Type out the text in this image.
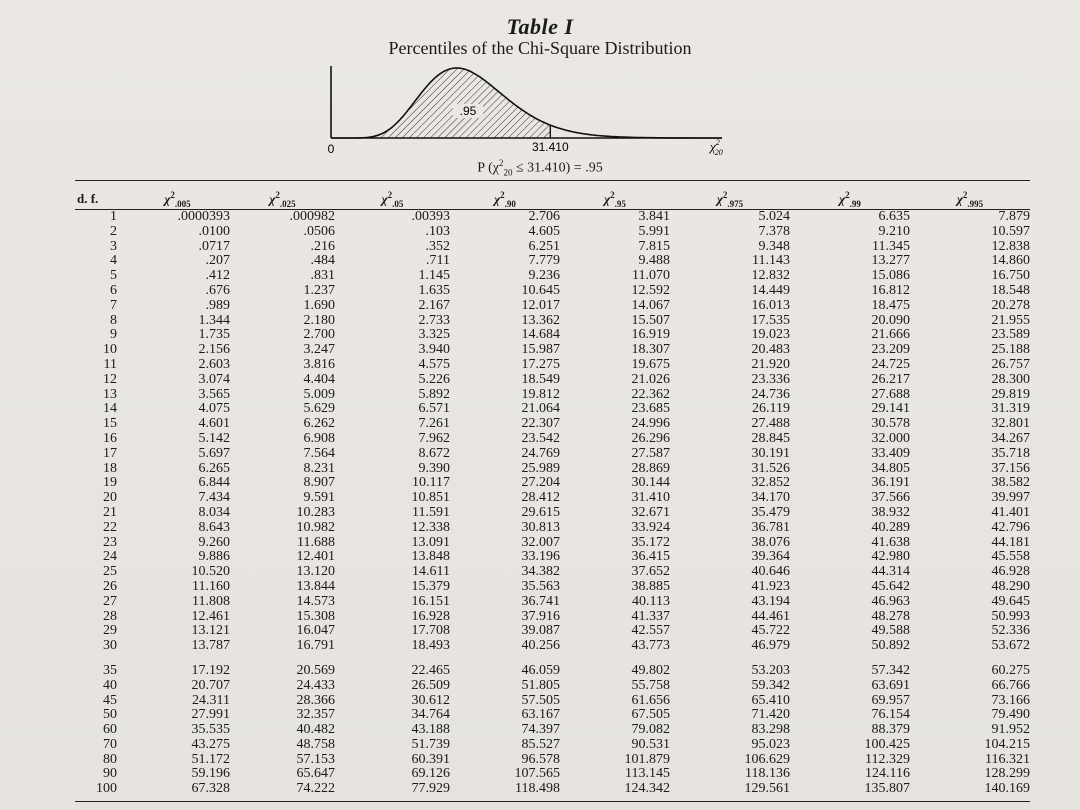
Table I
Percentiles of the Chi-Square Distribution
.95
0	31.410	$\chi^2$ 20
P $(\chi^2_{20} \le 31.410) = .95$
d. f.	$\chi^2_{.005}$	$\chi^2_{.025}$	$\chi^2_{.05}$	$\chi^2_{.90}$	$\chi^2_{.95}$	$\chi^2_{.975}$	$\chi^2_{.99}$	$\chi^2_{.995}$
1	.0000393	.000982	.00393	2.706	3.841	5.024	6.635	7.879
2	.0100	.0506	.103	4.605	5.991	7.378	9.210	10.597
3	.0717	.216	.352	6.251	7.815	9.348	11.345	12.838
4	.207	.484	.711	7.779	9.488	11.143	13.277	14.860
5	.412	.831	1.145	9.236	11.070	12.832	15.086	16.750
6	.676	1.237	1.635	10.645	12.592	14.449	16.812	18.548
7	.989	1.690	2.167	12.017	14.067	16.013	18.475	20.278
8	1.344	2.180	2.733	13.362	15.507	17.535	20.090	21.955
9	1.735	2.700	3.325	14.684	16.919	19.023	21.666	23.589
10	2.156	3.247	3.940	15.987	18.307	20.483	23.209	25.188
11	2.603	3.816	4.575	17.275	19.675	21.920	24.725	26.757
12	3.074	4.404	5.226	18.549	21.026	23.336	26.217	28.300
13	3.565	5.009	5.892	19.812	22.362	24.736	27.688	29.819
14	4.075	5.629	6.571	21.064	23.685	26.119	29.141	31.319
15	4.601	6.262	7.261	22.307	24.996	27.488	30.578	32.801
16	5.142	6.908	7.962	23.542	26.296	28.845	32.000	34.267
17	5.697	7.564	8.672	24.769	27.587	30.191	33.409	35.718
18	6.265	8.231	9.390	25.989	28.869	31.526	34.805	37.156
19	6.844	8.907	10.117	27.204	30.144	32.852	36.191	38.582
20	7.434	9.591	10.851	28.412	31.410	34.170	37.566	39.997
21	8.034	10.283	11.591	29.615	32.671	35.479	38.932	41.401
22	8.643	10.982	12.338	30.813	33.924	36.781	40.289	42.796
23	9.260	11.688	13.091	32.007	35.172	38.076	41.638	44.181
24	9.886	12.401	13.848	33.196	36.415	39.364	42.980	45.558
25	10.520	13.120	14.611	34.382	37.652	40.646	44.314	46.928
26	11.160	13.844	15.379	35.563	38.885	41.923	45.642	48.290
27	11.808	14.573	16.151	36.741	40.113	43.194	46.963	49.645
28	12.461	15.308	16.928	37.916	41.337	44.461	48.278	50.993
29	13.121	16.047	17.708	39.087	42.557	45.722	49.588	52.336
30	13.787	16.791	18.493	40.256	43.773	46.979	50.892	53.672

35	17.192	20.569	22.465	46.059	49.802	53.203	57.342	60.275
40	20.707	24.433	26.509	51.805	55.758	59.342	63.691	66.766
45	24.311	28.366	30.612	57.505	61.656	65.410	69.957	73.166
50	27.991	32.357	34.764	63.167	67.505	71.420	76.154	79.490
60	35.535	40.482	43.188	74.397	79.082	83.298	88.379	91.952
70	43.275	48.758	51.739	85.527	90.531	95.023	100.425	104.215
80	51.172	57.153	60.391	96.578	101.879	106.629	112.329	116.321
90	59.196	65.647	69.126	107.565	113.145	118.136	124.116	128.299
100	67.328	74.222	77.929	118.498	124.342	129.561	135.807	140.169
